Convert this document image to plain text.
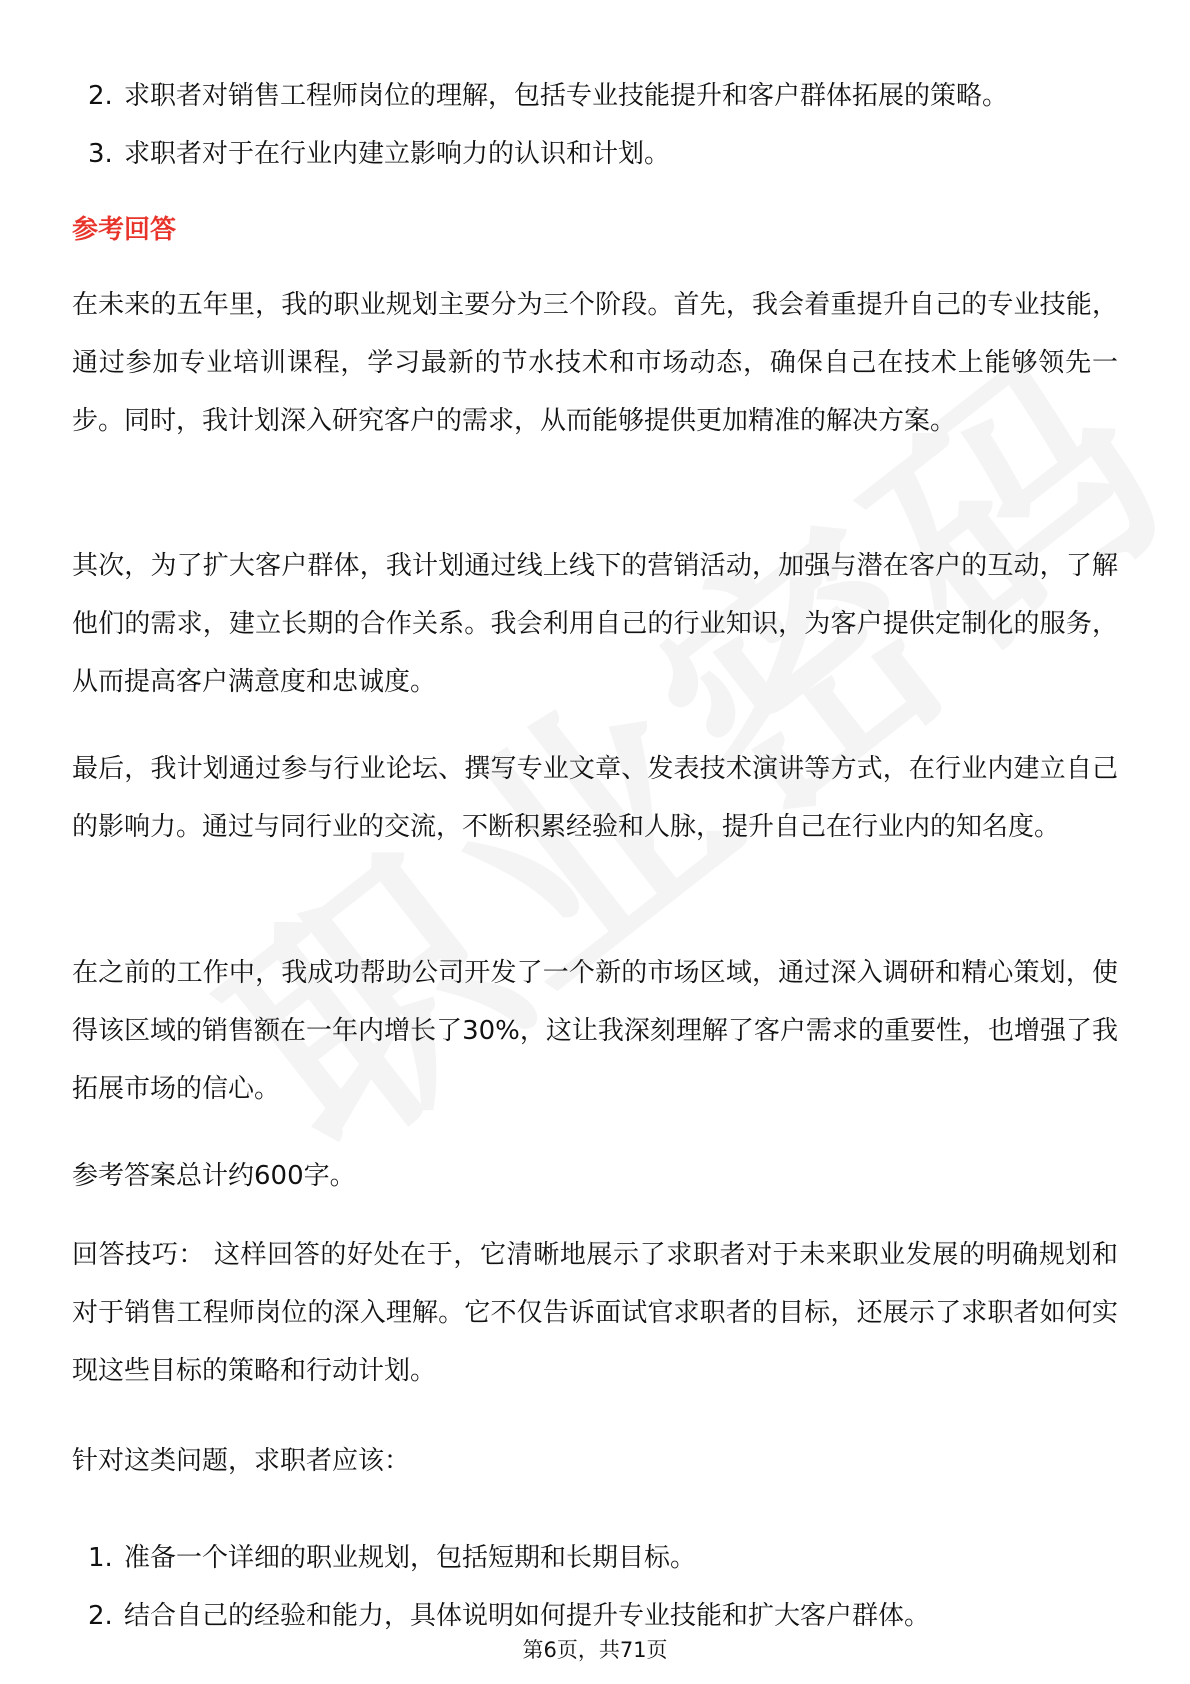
2. 求职者对销售工程师岗位的理解，包括专业技能提升和客户群体拓展的策略。
3. 求职者对于在行业内建立影响力的认识和计划。
参考回答

在未来的五年里，我的职业规划主要分为三个阶段。首先，我会着重提升自己的专业技能，通过参加专业培训课程，学习最新的节水技术和市场动态，确保自己在技术上能够领先一步。同时，我计划深入研究客户的需求，从而能够提供更加精准的解决方案。

其次，为了扩大客户群体，我计划通过线上线下的营销活动，加强与潜在客户的互动，了解他们的需求，建立长期的合作关系。我会利用自己的行业知识，为客户提供定制化的服务，从而提高客户满意度和忠诚度。

最后，我计划通过参与行业论坛、撰写专业文章、发表技术演讲等方式，在行业内建立自己的影响力。通过与同行业的交流，不断积累经验和人脉，提升自己在行业内的知名度。

在之前的工作中，我成功帮助公司开发了一个新的市场区域，通过深入调研和精心策划，使得该区域的销售额在一年内增长了30%，这让我深刻理解了客户需求的重要性，也增强了我拓展市场的信心。

参考答案总计约600字。

回答技巧： 这样回答的好处在于，它清晰地展示了求职者对于未来职业发展的明确规划和对于销售工程师岗位的深入理解。它不仅告诉面试官求职者的目标，还展示了求职者如何实现这些目标的策略和行动计划。

针对这类问题，求职者应该：

1. 准备一个详细的职业规划，包括短期和长期目标。
2. 结合自己的经验和能力，具体说明如何提升专业技能和扩大客户群体。
第6页，共71页
